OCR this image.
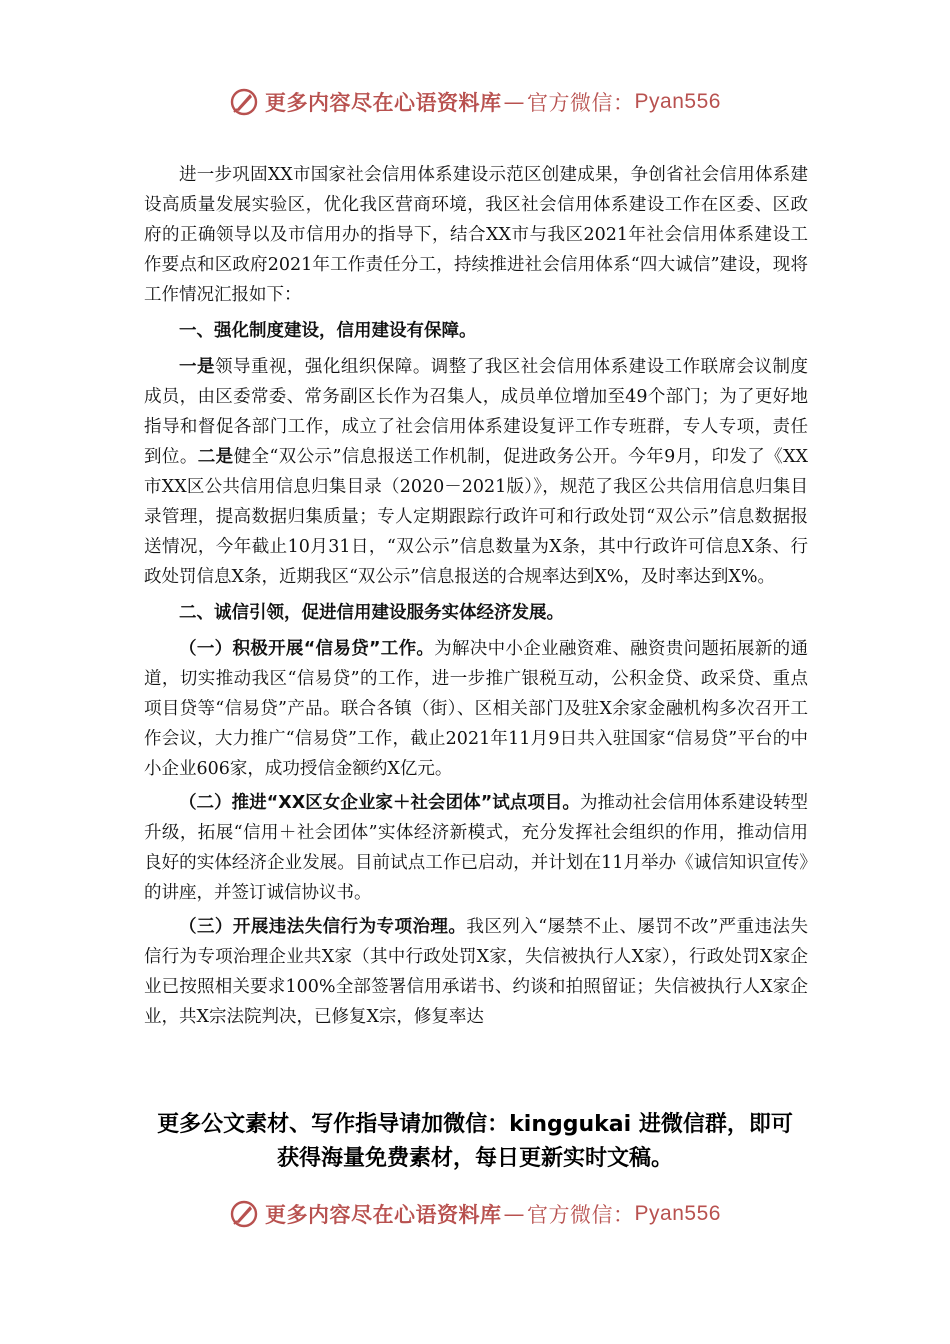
更多内容尽在心语资料库 — 官方微信： Pyan556

进一步巩固XX市国家社会信用体系建设示范区创建成果，争创省社会信用体系建设高质量发展实验区，优化我区营商环境，我区社会信用体系建设工作在区委、区政府的正确领导以及市信用办的指导下，结合XX市与我区2021年社会信用体系建设工作要点和区政府2021年工作责任分工，持续推进社会信用体系“四大诚信”建设，现将工作情况汇报如下：

一、强化制度建设，信用建设有保障。

一是领导重视，强化组织保障。调整了我区社会信用体系建设工作联席会议制度成员，由区委常委、常务副区长作为召集人，成员单位增加至49个部门；为了更好地指导和督促各部门工作，成立了社会信用体系建设复评工作专班群，专人专项，责任到位。二是健全“双公示”信息报送工作机制，促进政务公开。今年9月，印发了《XX市XX区公共信用信息归集目录（2020－2021版）》，规范了我区公共信用信息归集目录管理，提高数据归集质量；专人定期跟踪行政许可和行政处罚“双公示”信息数据报送情况，今年截止10月31日，“双公示”信息数量为X条，其中行政许可信息X条、行政处罚信息X条，近期我区“双公示”信息报送的合规率达到X%，及时率达到X%。

二、诚信引领，促进信用建设服务实体经济发展。

（一）积极开展“信易贷”工作。为解决中小企业融资难、融资贵问题拓展新的通道，切实推动我区“信易贷”的工作，进一步推广银税互动，公积金贷、政采贷、重点项目贷等“信易贷”产品。联合各镇（街）、区相关部门及驻X余家金融机构多次召开工作会议，大力推广“信易贷”工作，截止2021年11月9日共入驻国家“信易贷”平台的中小企业606家，成功授信金额约X亿元。

（二）推进“XX区女企业家＋社会团体”试点项目。为推动社会信用体系建设转型升级，拓展“信用＋社会团体”实体经济新模式，充分发挥社会组织的作用，推动信用良好的实体经济企业发展。目前试点工作已启动，并计划在11月举办《诚信知识宣传》的讲座，并签订诚信协议书。

（三）开展违法失信行为专项治理。我区列入“屡禁不止、屡罚不改”严重违法失信行为专项治理企业共X家（其中行政处罚X家，失信被执行人X家），行政处罚X家企业已按照相关要求100%全部签署信用承诺书、约谈和拍照留证；失信被执行人X家企业，共X宗法院判决，已修复X宗，修复率达

更多公文素材、写作指导请加微信：kinggukai 进微信群，即可
获得海量免费素材，每日更新实时文稿。
更多内容尽在心语资料库 — 官方微信： Pyan556
